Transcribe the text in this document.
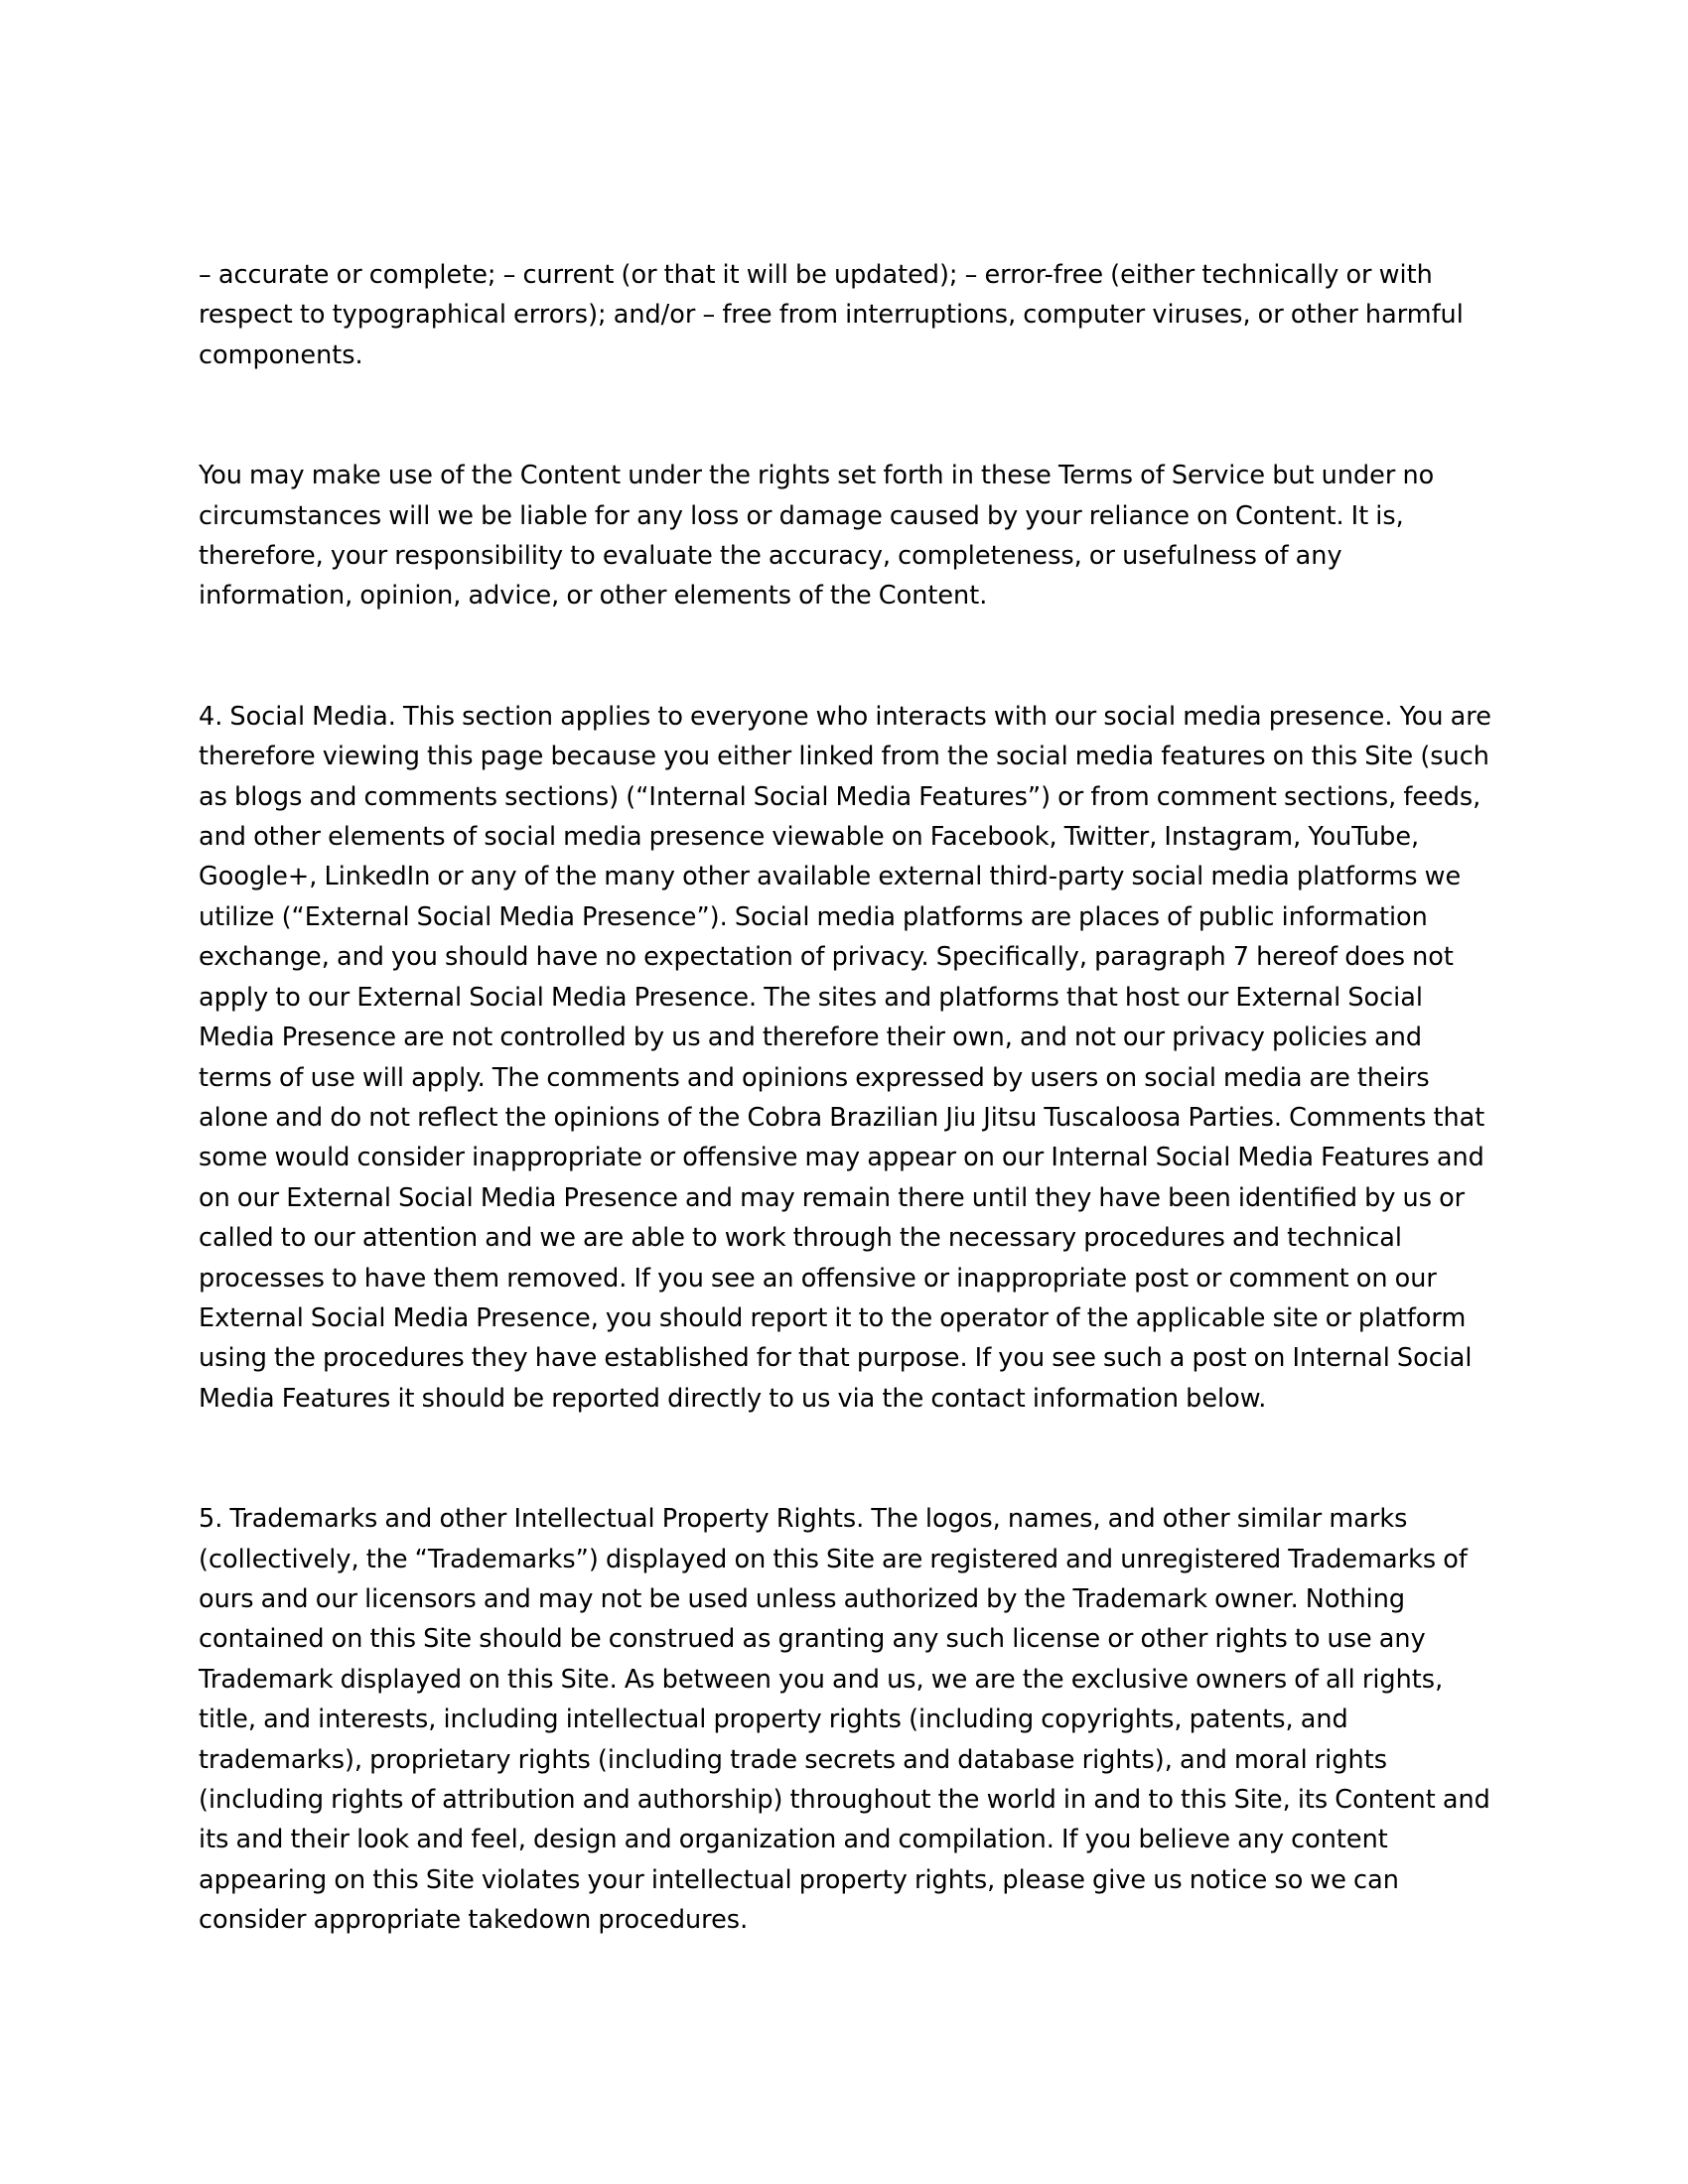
– accurate or complete; – current (or that it will be updated); – error-free (either technically or with respect to typographical errors); and/or – free from interruptions, computer viruses, or other harmful components.

You may make use of the Content under the rights set forth in these Terms of Service but under no circumstances will we be liable for any loss or damage caused by your reliance on Content. It is, therefore, your responsibility to evaluate the accuracy, completeness, or usefulness of any information, opinion, advice, or other elements of the Content.

4. Social Media. This section applies to everyone who interacts with our social media presence. You are therefore viewing this page because you either linked from the social media features on this Site (such as blogs and comments sections) (“Internal Social Media Features”) or from comment sections, feeds, and other elements of social media presence viewable on Facebook, Twitter, Instagram, YouTube, Google+, LinkedIn or any of the many other available external third-party social media platforms we utilize (“External Social Media Presence”). Social media platforms are places of public information exchange, and you should have no expectation of privacy. Specifically, paragraph 7 hereof does not apply to our External Social Media Presence. The sites and platforms that host our External Social Media Presence are not controlled by us and therefore their own, and not our privacy policies and terms of use will apply. The comments and opinions expressed by users on social media are theirs alone and do not reflect the opinions of the Cobra Brazilian Jiu Jitsu Tuscaloosa Parties. Comments that some would consider inappropriate or offensive may appear on our Internal Social Media Features and on our External Social Media Presence and may remain there until they have been identified by us or called to our attention and we are able to work through the necessary procedures and technical processes to have them removed. If you see an offensive or inappropriate post or comment on our External Social Media Presence, you should report it to the operator of the applicable site or platform using the procedures they have established for that purpose. If you see such a post on Internal Social Media Features it should be reported directly to us via the contact information below.

5. Trademarks and other Intellectual Property Rights. The logos, names, and other similar marks (collectively, the “Trademarks”) displayed on this Site are registered and unregistered Trademarks of ours and our licensors and may not be used unless authorized by the Trademark owner. Nothing contained on this Site should be construed as granting any such license or other rights to use any Trademark displayed on this Site. As between you and us, we are the exclusive owners of all rights, title, and interests, including intellectual property rights (including copyrights, patents, and trademarks), proprietary rights (including trade secrets and database rights), and moral rights (including rights of attribution and authorship) throughout the world in and to this Site, its Content and its and their look and feel, design and organization and compilation. If you believe any content appearing on this Site violates your intellectual property rights, please give us notice so we can consider appropriate takedown procedures.
